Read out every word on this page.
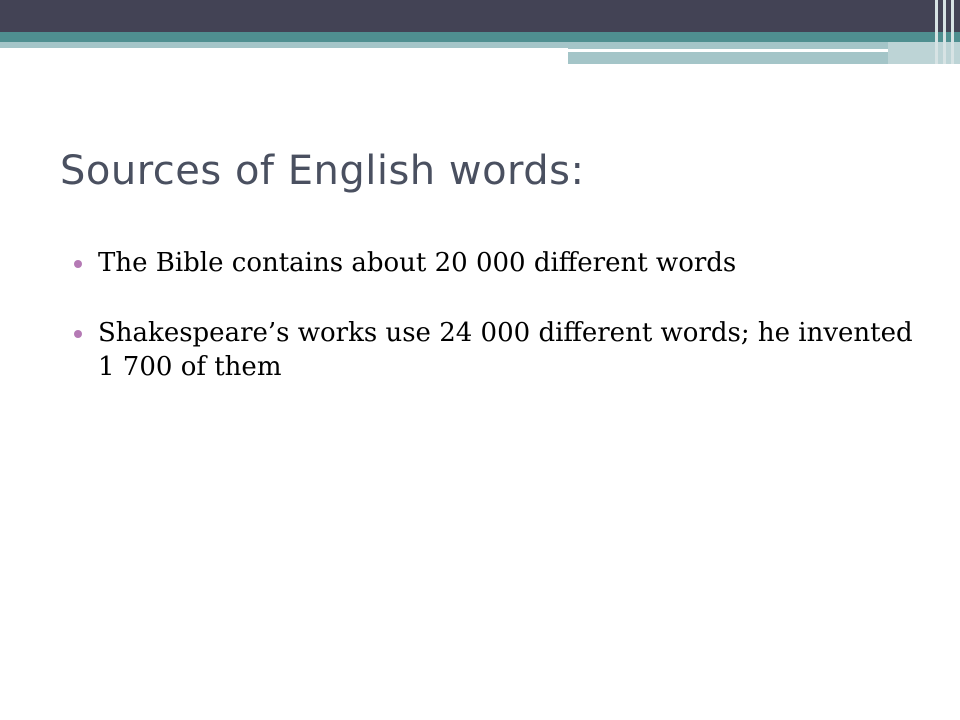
Sources of English words:
The Bible contains about 20 000 different words
Shakespeare’s works use 24 000 different words; he invented 1 700 of them
